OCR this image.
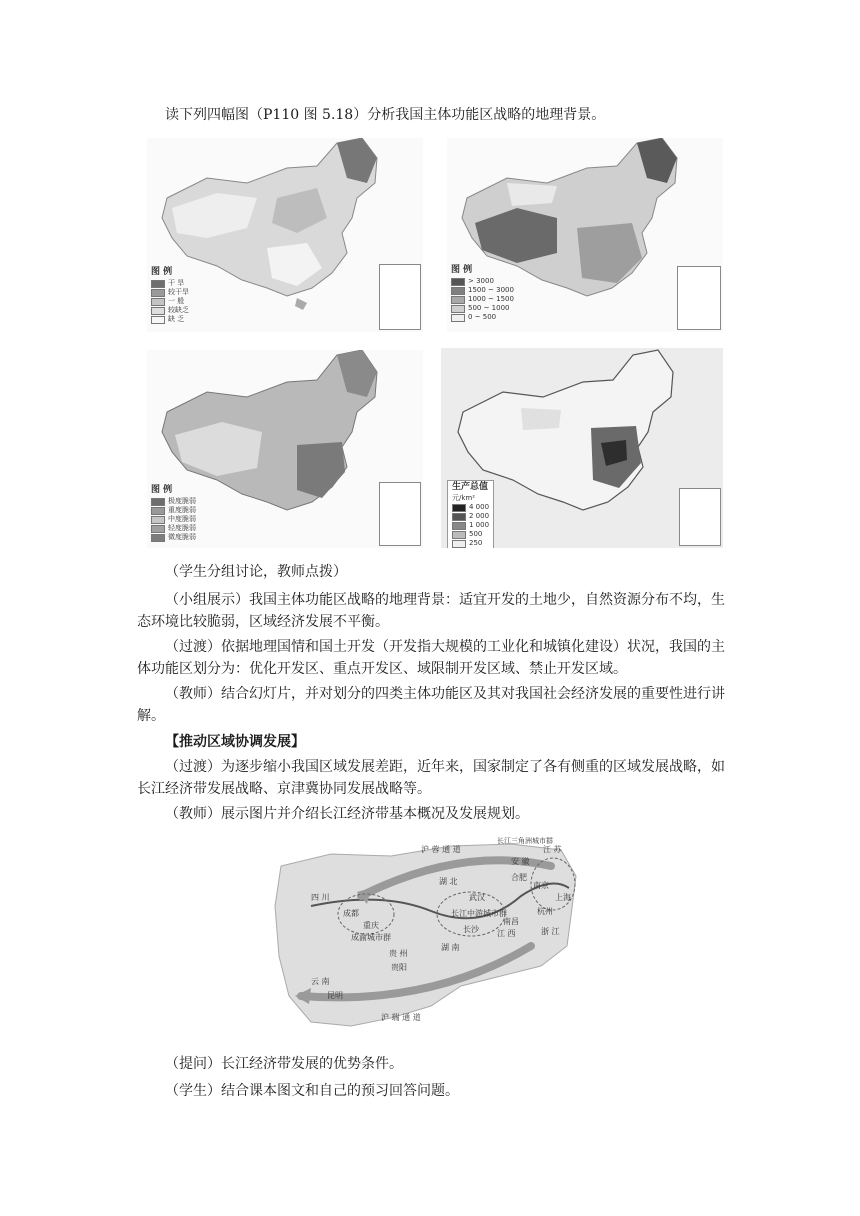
读下列四幅图（P110 图 5.18）分析我国主体功能区战略的地理背景。

图 例
干 旱
较干旱
一 般
较缺乏
缺 乏
图 例
> 3000
1500 ~ 3000
1000 ~ 1500
500 ~ 1000
0 ~ 500
图 例
极度脆弱
重度脆弱
中度脆弱
轻度脆弱
微度脆弱
生产总值
元/km²
4 000
2 000
1 000
500
250

（学生分组讨论，教师点拨）

（小组展示）我国主体功能区战略的地理背景：适宜开发的土地少，自然资源分布不均，生态环境比较脆弱，区域经济发展不平衡。

（过渡）依据地理国情和国土开发（开发指大规模的工业化和城镇化建设）状况，我国的主体功能区划分为：优化开发区、重点开发区、域限制开发区域、禁止开发区域。

（教师）结合幻灯片，并对划分的四类主体功能区及其对我国社会经济发展的重要性进行讲解。

【推动区域协调发展】

（过渡）为逐步缩小我国区域发展差距，近年来，国家制定了各有侧重的区域发展战略，如长江经济带发展战略、京津冀协同发展战略等。

（教师）展示图片并介绍长江经济带基本概况及发展规划。

沪 蓉 通 道
沪 瑞 通 道
四 川
成都
重庆
成渝城市群
贵 州
贵阳
云 南
昆明
湖 北
武汉
长江中游城市群
长沙
湖 南
江 西
南昌
安 徽
合肥
南京
江 苏
长江三角洲城市群
上海
杭州
浙 江

（提问）长江经济带发展的优势条件。

（学生）结合课本图文和自己的预习回答问题。
